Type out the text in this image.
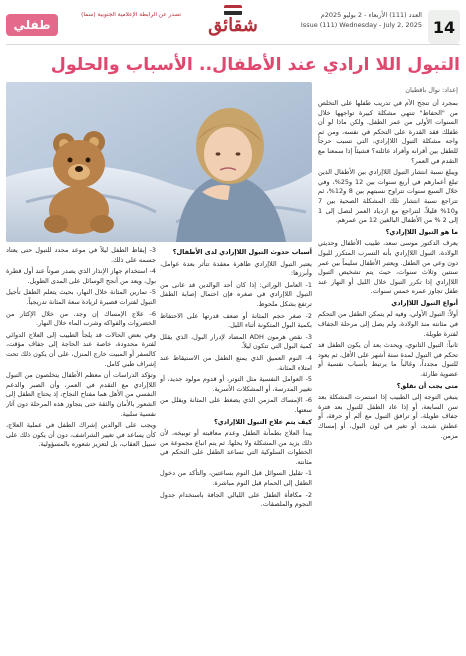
14
العدد (111) الأربعاء - 2 يوليو 2025م
Issue (111) Wednesday - July 2, 2025
شقائق
تصدر عن الرابطة الإعلامية الجنوبية (سما)
طفلي
التبول اللا ارادي عند الأطفال.. الأسباب والحلول
إعداد: نوال باقطيان

بمجرد أن تنجح الأم في تدريب طفلها على التخلص من "الحفاظ" تنتهي مشكلة كبيرة تواجهها خلال السنوات الأولى من عمر الطفل. ولكن ماذا لو أن طفلك فقد القدرة على التحكم في نفسه، ومن ثم واجه مشكلة التبول اللاإرادي، التي تسبب حرجاً للطفل بين أقرانه وأفراد عائلته؟ فشيئاً إذا سمعنا مع التقدم في العمر؟

ويبلغ نسبة انتشار التبول اللاإرادي بين الأطفال الذين تبلغ أعمارهم في أربع سنوات بين 12 و25%، وفي خلال السبع سنوات تتراوح نسبتهم بين 8 و12%، ثم تتراجع نسبة انتشار تلك المشكلة الصحية بين 7 و10% قليلاً، لتتراجع مع ازدياد العمر لتصل إلى 1 إلى 2 % من الأطفال البالغين 12 من عمرهم.

ما هو التبول اللاإرادي؟

يعرف الدكتور موسى سعد، طبيب الأطفال وحديثي الولادة، التبول اللاإرادي بأنه التسرب المتكرر للبول دون وعي من الطفل. ويعتبر الأطفال سليماً بين عمر سنتين وثلاث سنوات، حيث يتم تشخيص التبول اللاإرادي إذا تكرر التبول خلال الليل أو النهار عند طفل تجاوز عمره خمس سنوات.

أنواع التبول اللاإرادي

أولاً: التبول الأولي، وفيه لم يتمكن الطفل من التحكم في مثانته منذ الولادة، ولم يصل إلى مرحلة الجفاف لفترة طويلة.

ثانياً: التبول الثانوي، ويحدث بعد أن يكون الطفل قد تحكم في التبول لمدة ستة أشهر على الأقل، ثم يعود للتبول مجدداً، وغالباً ما يرتبط بأسباب نفسية أو عضوية طارئة.

متى يجب أن نقلق؟

ينبغي التوجه إلى الطبيب إذا استمرت المشكلة بعد سن السابعة، أو إذا عاد الطفل للتبول بعد فترة جفاف طويلة، أو ترافق التبول مع ألم أو حرقة، أو عطش شديد، أو تغير في لون البول، أو إمساك مزمن.

أسباب حدوث التبول اللاإرادي لدى الأطفال؟

يعتبر التبول اللاإرادي ظاهرة معقدة تتأثر بعدة عوامل، وأبرزها:

1- العامل الوراثي: إذا كان أحد الوالدين قد عانى من التبول اللاإرادي في صغره فإن احتمال إصابة الطفل ترتفع بشكل ملحوظ.

2- صغر حجم المثانة أو ضعف قدرتها على الاحتفاظ بكمية البول المتكونة أثناء الليل.

3- نقص هرمون ADH المضاد لإدرار البول، الذي يقلل كمية البول التي تتكون ليلاً.

4- النوم العميق الذي يمنع الطفل من الاستيقاظ عند امتلاء المثانة.

5- العوامل النفسية مثل التوتر، أو قدوم مولود جديد، أو تغيير المدرسة، أو المشكلات الأسرية.

6- الإمساك المزمن الذي يضغط على المثانة ويقلل من سعتها.

كيف يتم علاج التبول اللاإرادي؟

يبدأ العلاج بطمأنة الطفل وعدم معاقبته أو توبيخه، لأن ذلك يزيد من المشكلة ولا يحلها. ثم يتم اتباع مجموعة من الخطوات السلوكية التي تساعد الطفل على التحكم في مثانته.

1- تقليل السوائل قبل النوم بساعتين، والتأكد من دخول الطفل إلى الحمام قبل النوم مباشرة.

2- مكافأة الطفل على الليالي الجافة باستخدام جدول النجوم والملصقات.

3- إيقاظ الطفل ليلاً في موعد محدد للتبول حتى يعتاد جسمه على ذلك.

4- استخدام جهاز الإنذار الذي يصدر صوتاً عند أول قطرة بول، ويعد من أنجح الوسائل على المدى الطويل.

5- تمارين المثانة خلال النهار، بحيث يتعلم الطفل تأجيل التبول لفترات قصيرة لزيادة سعة المثانة تدريجياً.

6- علاج الإمساك إن وجد، من خلال الإكثار من الخضروات والفواكه وشرب الماء خلال النهار.

وفي بعض الحالات قد يلجأ الطبيب إلى العلاج الدوائي لفترة محدودة، خاصة عند الحاجة إلى جفاف مؤقت، كالسفر أو المبيت خارج المنزل، على أن يكون ذلك تحت إشراف طبي كامل.

وتؤكد الدراسات أن معظم الأطفال يتخلصون من التبول اللاإرادي مع التقدم في العمر، وأن الصبر والدعم النفسي من الأهل هما مفتاح النجاح، إذ يحتاج الطفل إلى الشعور بالأمان والثقة حتى يتجاوز هذه المرحلة دون آثار نفسية سلبية.

ويجب على الوالدين إشراك الطفل في عملية العلاج، كأن يساعد في تغيير الشراشف، دون أن يكون ذلك على سبيل العقاب، بل لتعزيز شعوره بالمسؤولية.
